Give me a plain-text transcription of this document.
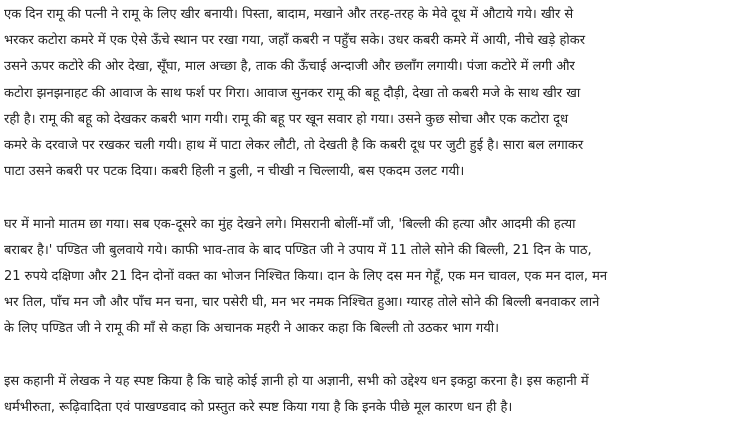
एक दिन रामू की पत्नी ने रामू के लिए खीर बनायी। पिस्ता, बादाम, मखाने और तरह-तरह के मेवे दूध में औटाये गये। खीर से
भरकर कटोरा कमरे में एक ऐसे ऊँचे स्थान पर रखा गया, जहाँ कबरी न पहुँच सके। उधर कबरी कमरे में आयी, नीचे खड़े होकर
उसने ऊपर कटोरे की ओर देखा, सूँघा, माल अच्छा है, ताक की ऊँचाई अन्दाजी और छलाँग लगायी। पंजा कटोरे में लगी और
कटोरा झनझनाहट की आवाज के साथ फर्श पर गिरा। आवाज सुनकर रामू की बहू दौड़ी, देखा तो कबरी मजे के साथ खीर खा
रही है। रामू की बहू को देखकर कबरी भाग गयी। रामू की बहू पर खून सवार हो गया। उसने कुछ सोचा और एक कटोरा दूध
कमरे के दरवाजे पर रखकर चली गयी। हाथ में पाटा लेकर लौटी, तो देखती है कि कबरी दूध पर जुटी हुई है। सारा बल लगाकर
पाटा उसने कबरी पर पटक दिया। कबरी हिली न डुली, न चीखी न चिल्लायी, बस एकदम उलट गयी।
घर में मानो मातम छा गया। सब एक-दूसरे का मुंह देखने लगे। मिसरानी बोलीं-माँ जी, 'बिल्ली की हत्या और आदमी की हत्या
बराबर है।' पण्डित जी बुलवाये गये। काफी भाव-ताव के बाद पण्डित जी ने उपाय में 11 तोले सोने की बिल्ली, 21 दिन के पाठ,
21 रुपये दक्षिणा और 21 दिन दोनों वक्त का भोजन निश्चित किया। दान के लिए दस मन गेहूँ, एक मन चावल, एक मन दाल, मन
भर तिल, पाँच मन जौ और पाँच मन चना, चार पसेरी घी, मन भर नमक निश्चित हुआ। ग्यारह तोले सोने की बिल्ली बनवाकर लाने
के लिए पण्डित जी ने रामू की माँ से कहा कि अचानक महरी ने आकर कहा कि बिल्ली तो उठकर भाग गयी।
इस कहानी में लेखक ने यह स्पष्ट किया है कि चाहे कोई ज्ञानी हो या अज्ञानी, सभी को उद्देश्य धन इकट्ठा करना है। इस कहानी में
धर्मभीरुता, रूढ़िवादिता एवं पाखण्डवाद को प्रस्तुत करे स्पष्ट किया गया है कि इनके पीछे मूल कारण धन ही है।
